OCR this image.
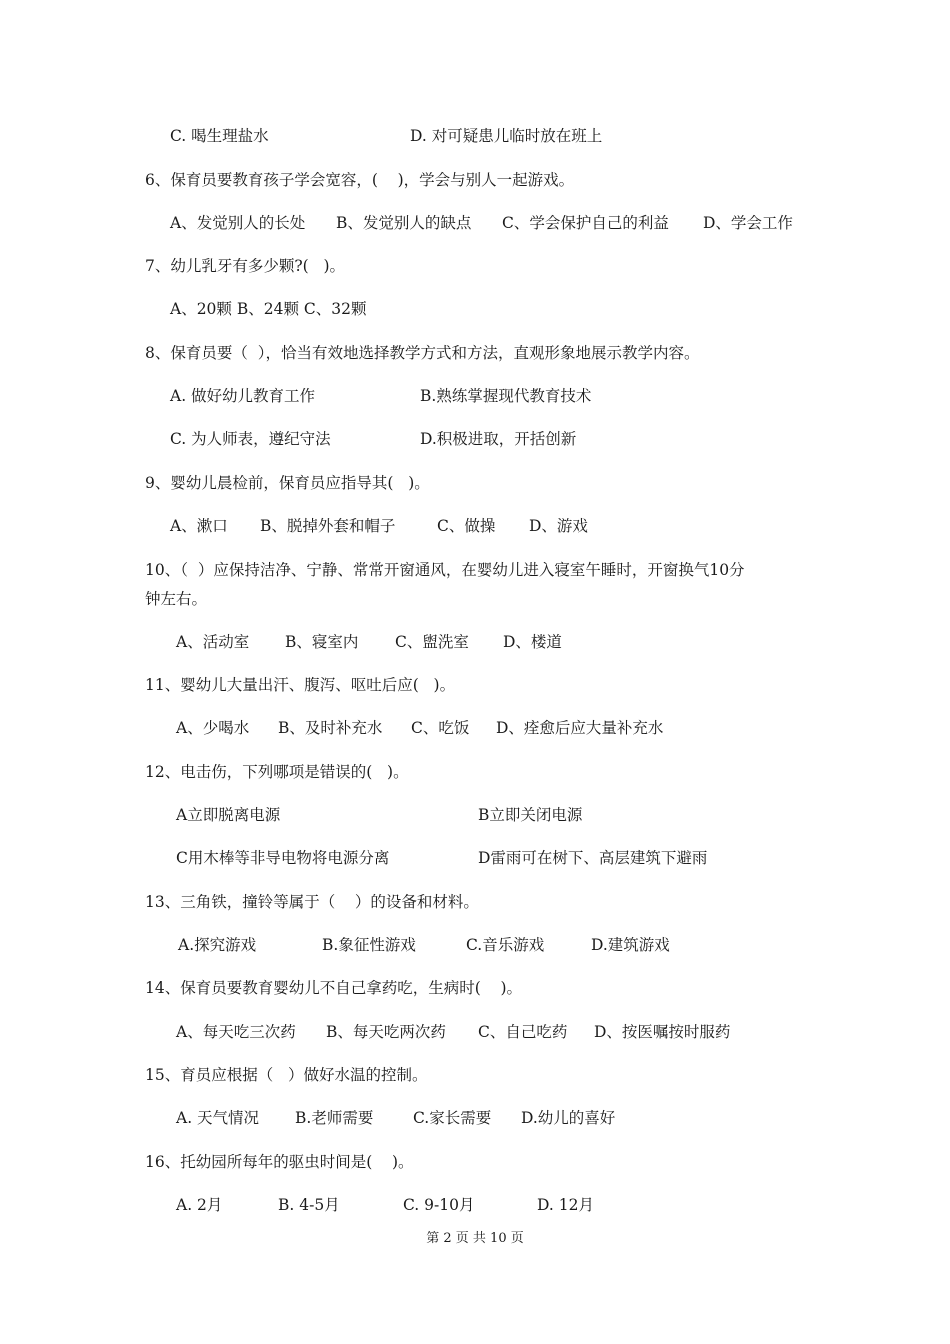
C. 喝生理盐水	D. 对可疑患儿临时放在班上
6、保育员要教育孩子学会宽容，(    )，学会与别人一起游戏。
A、发觉别人的长处 B、发觉别人的缺点 C、学会保护自己的利益 D、学会工作
7、幼儿乳牙有多少颗?(   )。
A、20颗 B、24颗 C、32颗
8、保育员要（  ），恰当有效地选择教学方式和方法，直观形象地展示教学内容。
A. 做好幼儿教育工作	B.熟练掌握现代教育技术
C. 为人师表，遵纪守法	D.积极进取，开括创新
9、婴幼儿晨检前，保育员应指导其(   )。
A、漱口 B、脱掉外套和帽子	C、做操 D、游戏
10、（  ）应保持洁净、宁静、常常开窗通风，在婴幼儿进入寝室午睡时，开窗换气10分
钟左右。
A、活动室 B、寝室内 C、盥洗室 D、楼道
11、婴幼儿大量出汗、腹泻、呕吐后应(   )。
A、少喝水 B、及时补充水 C、吃饭 D、痊愈后应大量补充水
12、电击伤，下列哪项是错误的(   )。
A立即脱离电源	B立即关闭电源
C用木棒等非导电物将电源分离	D雷雨可在树下、高层建筑下避雨
13、三角铁，撞铃等属于（    ）的设备和材料。
A.探究游戏	B.象征性游戏	C.音乐游戏	D.建筑游戏
14、保育员要教育婴幼儿不自己拿药吃，生病时(    )。
A、每天吃三次药 B、每天吃两次药 C、自己吃药 D、按医嘱按时服药
15、育员应根据（   ）做好水温的控制。
A. 天气情况 B.老师需要	C.家长需要 D.幼儿的喜好
16、托幼园所每年的驱虫时间是(    )。
A. 2月	B. 4-5月	C. 9-10月	D. 12月
第 2 页 共 10 页
